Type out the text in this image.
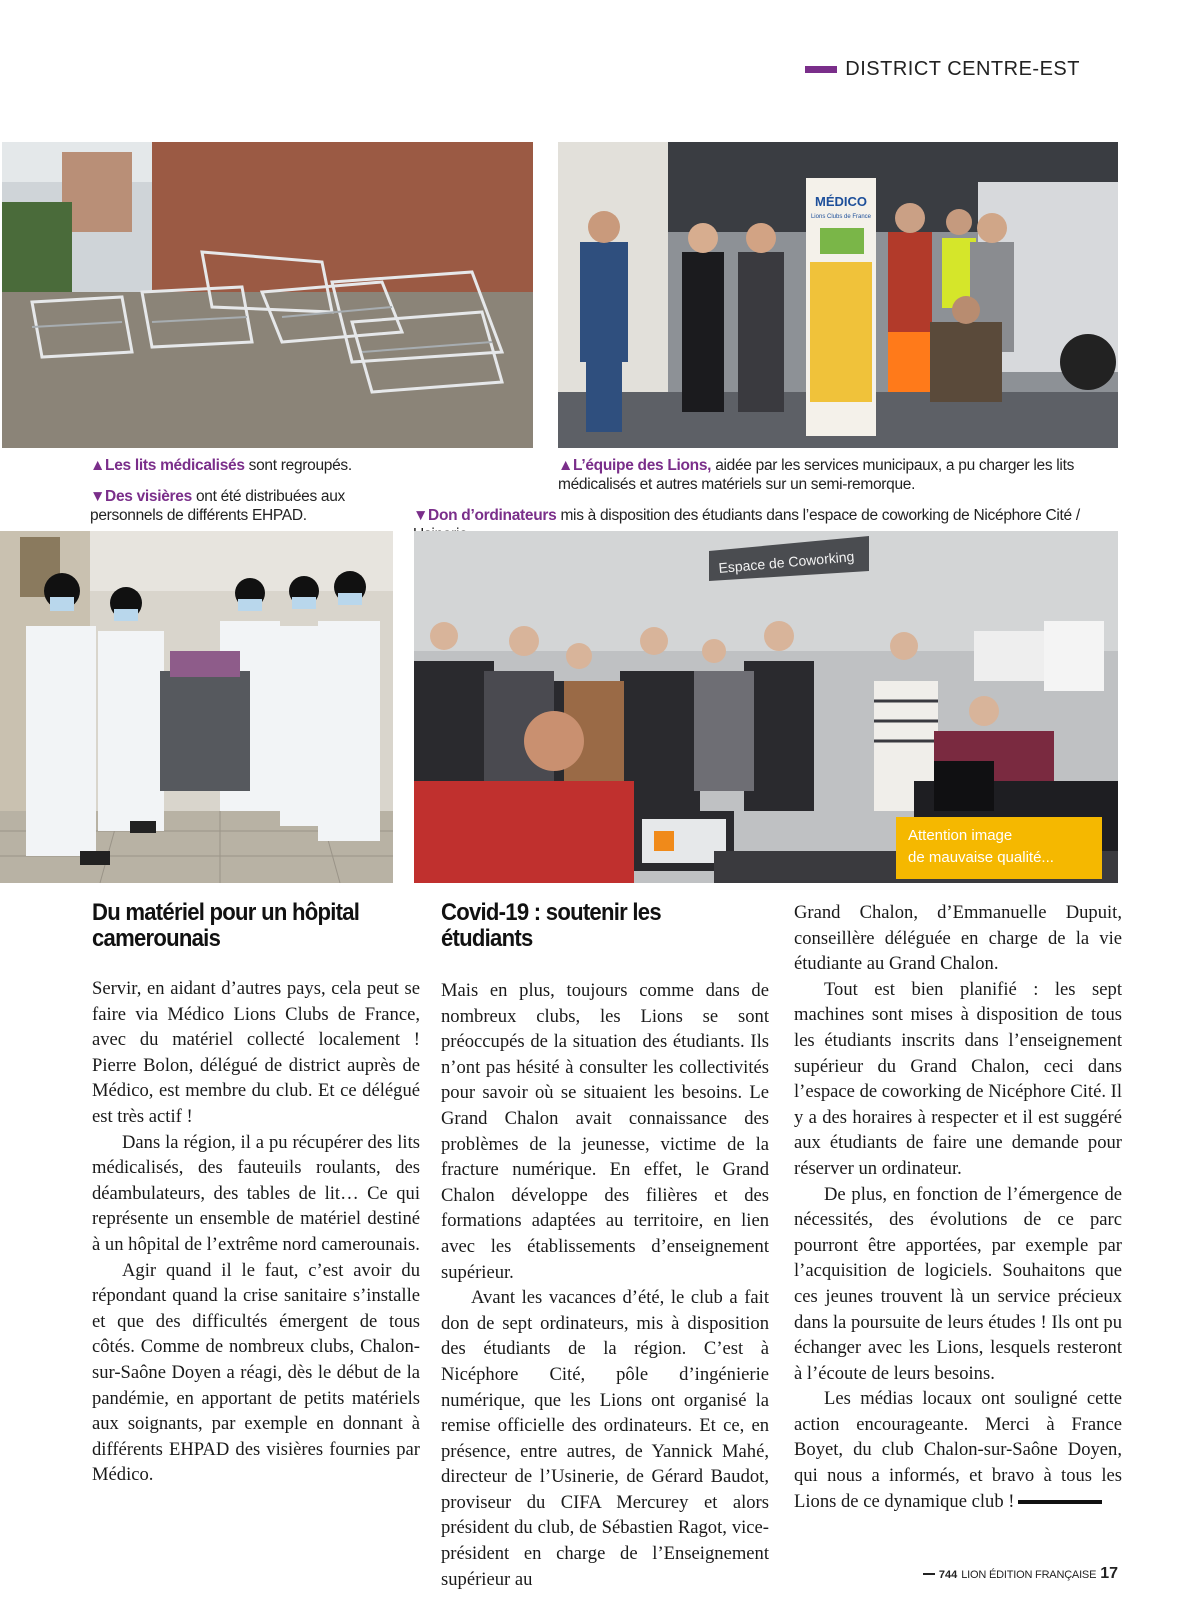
DISTRICT CENTRE-EST
MÉDICO
Lions Clubs de France
▲Les lits médicalisés sont regroupés.
▼Des visières ont été distribuées aux personnels de différents EHPAD.
▲L’équipe des Lions, aidée par les services municipaux, a pu charger les lits médicalisés et autres matériels sur un semi-remorque.
▼Don d’ordinateurs mis à disposition des étudiants dans l’espace de coworking de Nicéphore Cité /
Espace de Coworking
Attention image
de mauvaise qualité...
Du matériel pour un hôpital camerounais

Servir, en aidant d’autres pays, cela peut se faire via Médico Lions Clubs de France, avec du matériel collecté localement ! Pierre Bolon, délégué de district auprès de Médico, est membre du club. Et ce délégué est très actif !

Dans la région, il a pu récupérer des lits médicalisés, des fauteuils roulants, des déambulateurs, des tables de lit… Ce qui représente un ensemble de matériel destiné à un hôpital de l’extrême nord camerounais.

Agir quand il le faut, c’est avoir du répondant quand la crise sanitaire s’installe et que des difficultés émergent de tous côtés. Comme de nombreux clubs, Chalon-sur-Saône Doyen a réagi, dès le début de la pandémie, en apportant de petits matériels aux soignants, par exemple en donnant à différents EHPAD des visières fournies par Médico.

Covid-19 : soutenir les étudiants

Mais en plus, toujours comme dans de nombreux clubs, les Lions se sont préoccupés de la situation des étudiants. Ils n’ont pas hésité à consulter les collectivités pour savoir où se situaient les besoins. Le Grand Chalon avait connaissance des problèmes de la jeunesse, victime de la fracture numérique. En effet, le Grand Chalon développe des filières et des formations adaptées au territoire, en lien avec les établissements d’enseignement supérieur.

Avant les vacances d’été, le club a fait don de sept ordinateurs, mis à disposition des étudiants de la région. C’est à Nicéphore Cité, pôle d’ingénierie numérique, que les Lions ont organisé la remise officielle des ordinateurs. Et ce, en présence, entre autres, de Yannick Mahé, directeur de l’Usinerie, de Gérard Baudot, proviseur du CIFA Mercurey et alors président du club, de Sébastien Ragot, vice-président en charge de l’Enseignement supérieur au

Grand Chalon, d’Emmanuelle Dupuit, conseillère déléguée en charge de la vie étudiante au Grand Chalon.

Tout est bien planifié : les sept machines sont mises à disposition de tous les étudiants inscrits dans l’enseignement supérieur du Grand Chalon, ceci dans l’espace de coworking de Nicéphore Cité. Il y a des horaires à respecter et il est suggéré aux étudiants de faire une demande pour réserver un ordinateur.

De plus, en fonction de l’émergence de nécessités, des évolutions de ce parc pourront être apportées, par exemple par l’acquisition de logiciels. Souhaitons que ces jeunes trouvent là un service précieux dans la poursuite de leurs études ! Ils ont pu échanger avec les Lions, lesquels resteront à l’écoute de leurs besoins.

Les médias locaux ont souligné cette action encourageante. Merci à France Boyet, du club Chalon-sur-Saône Doyen, qui nous a informés, et bravo à tous les Lions de ce dynamique club !

744 LION ÉDITION FRANÇAISE 17
